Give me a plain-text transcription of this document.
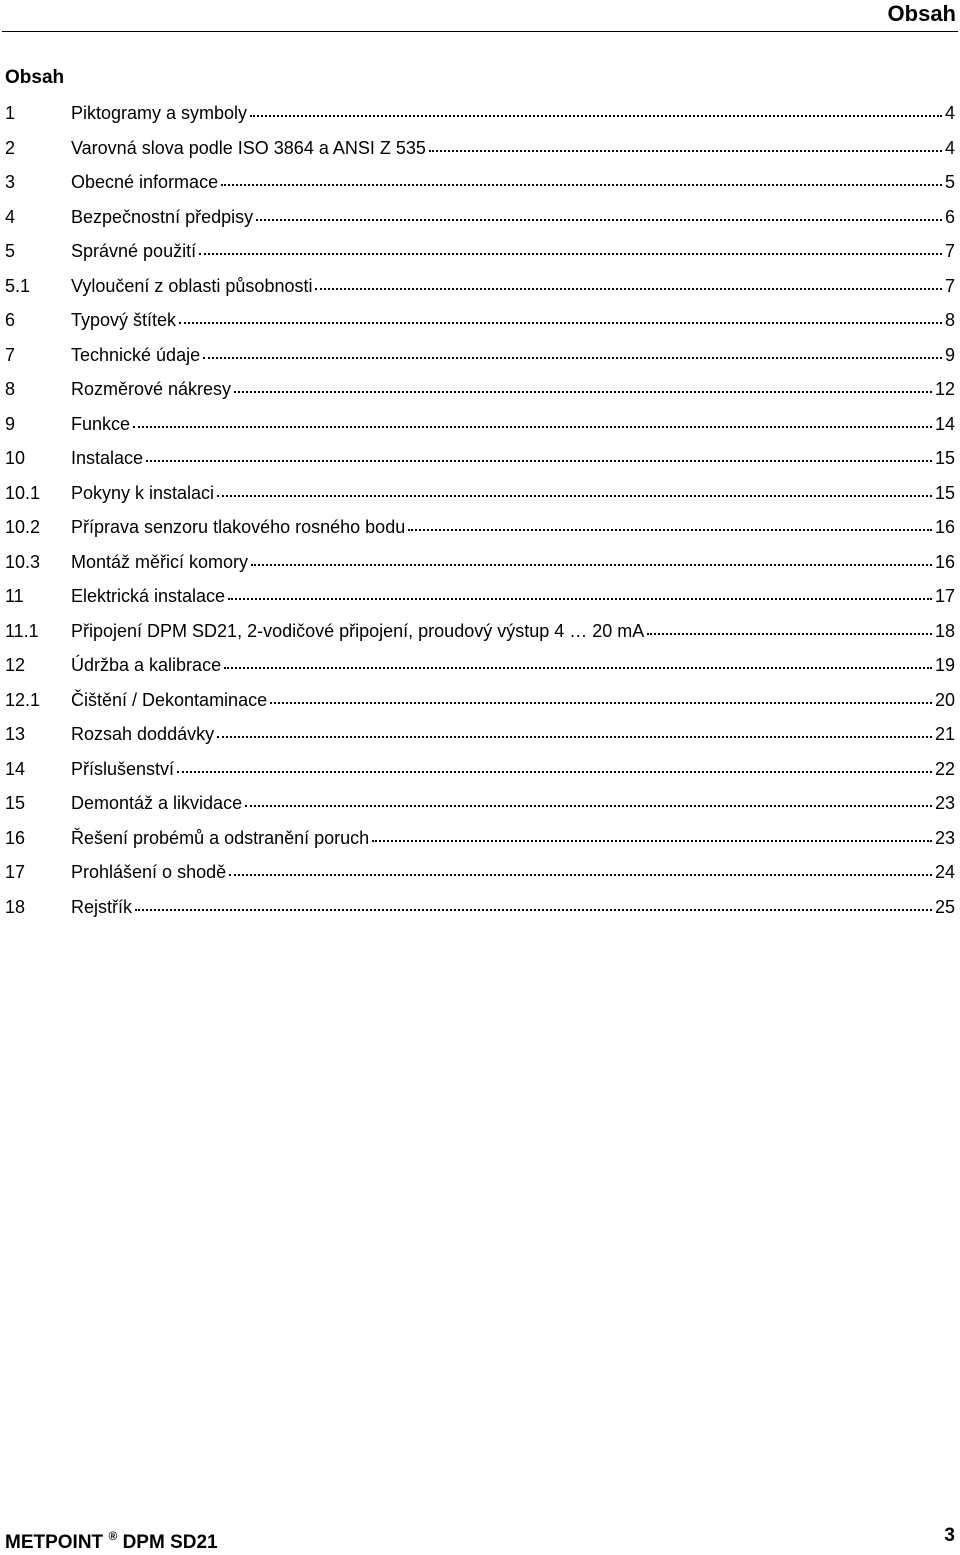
Obsah
Obsah
1	Piktogramy a symboly	4
2	Varovná slova podle ISO 3864 a ANSI Z 535	4
3	Obecné informace	5
4	Bezpečnostní předpisy	6
5	Správné použití	7
5.1	Vyloučení z oblasti působnosti	7
6	Typový štítek	8
7	Technické údaje	9
8	Rozměrové nákresy	12
9	Funkce	14
10	Instalace	15
10.1	Pokyny k instalaci	15
10.2	Příprava senzoru tlakového rosného bodu	16
10.3	Montáž měřicí komory	16
11	Elektrická instalace	17
11.1	Připojení DPM SD21, 2-vodičové připojení, proudový výstup 4 … 20 mA	18
12	Údržba a kalibrace	19
12.1	Čištění / Dekontaminace	20
13	Rozsah doddávky	21
14	Příslušenství	22
15	Demontáž a likvidace	23
16	Řešení probémů a odstranění poruch	23
17	Prohlášení o shodě	24
18	Rejstřík	25
METPOINT ® DPM SD21	3
